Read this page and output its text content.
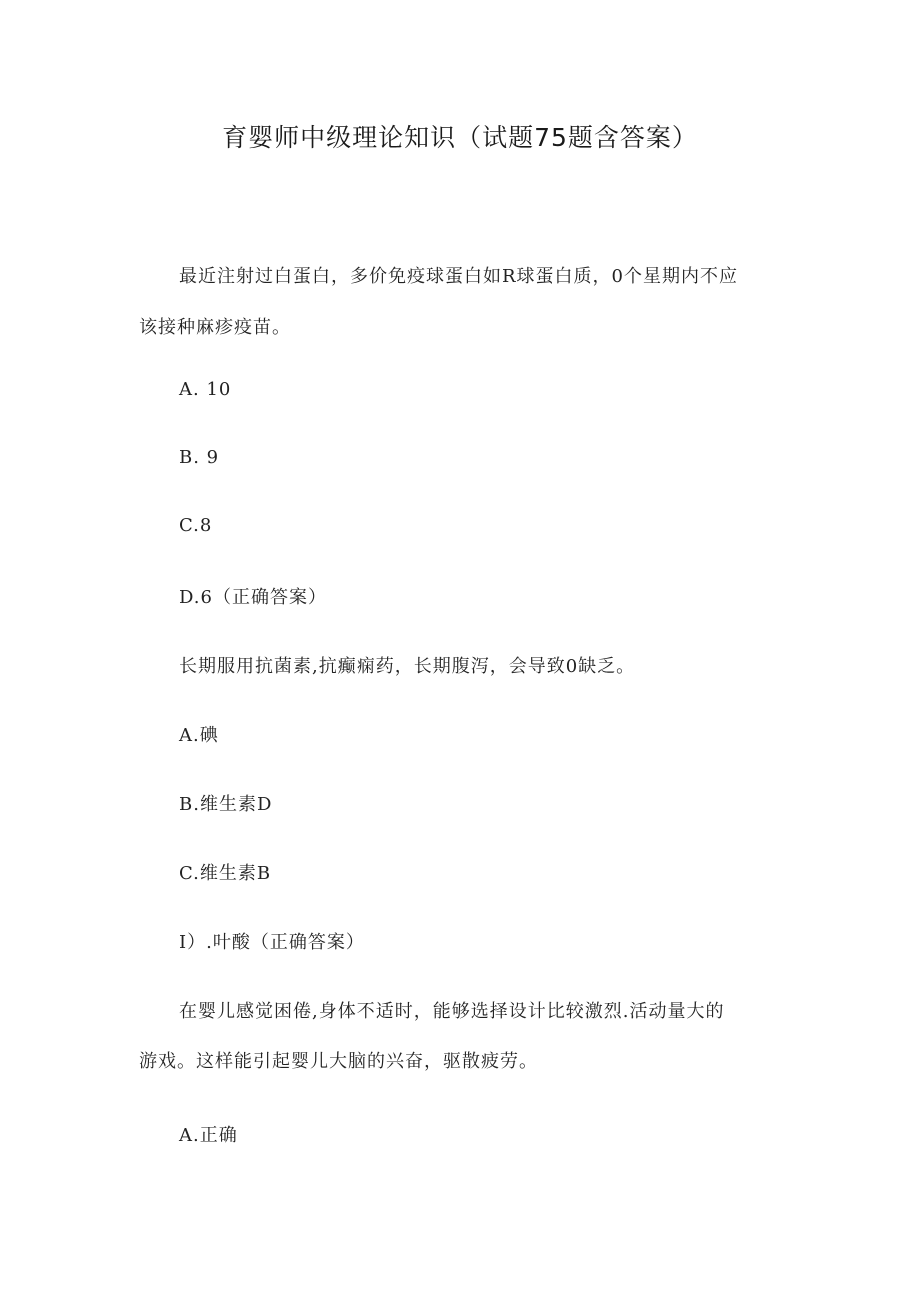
育婴师中级理论知识（试题75题含答案）
最近注射过白蛋白，多价免疫球蛋白如R球蛋白质，0个星期内不应
该接种麻疹疫苗。
A. 10
B. 9
C.8
D.6（正确答案）
长期服用抗菌素,抗癫痫药，长期腹泻，会导致0缺乏。
A.碘
B.维生素D
C.维生素B
I）.叶酸（正确答案）
在婴儿感觉困倦,身体不适时，能够选择设计比较激烈.活动量大的
游戏。这样能引起婴儿大脑的兴奋，驱散疲劳。
A.正确
